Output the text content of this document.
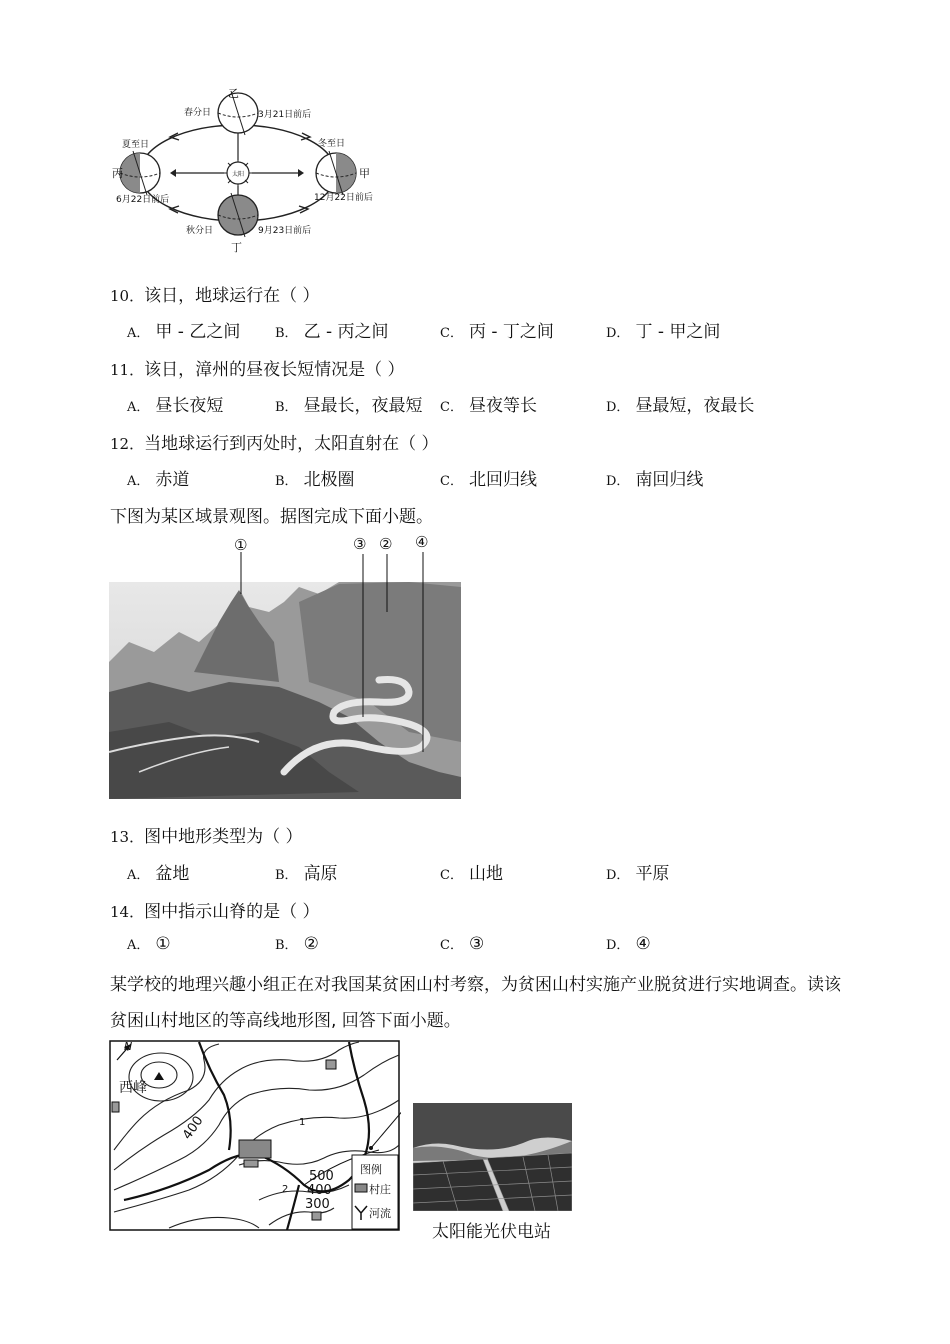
太阳
乙
春分日	3月21日前后
甲
冬至日
12月22日前后
丙
夏至日
6月22日前后
丁
秋分日	9月23日前后
10．该日，地球运行在（ ）
A． 甲 - 乙之间	B． 乙 - 丙之间	C． 丙 - 丁之间	D． 丁 - 甲之间
11．该日，漳州的昼夜长短情况是（ ）
A． 昼长夜短	B． 昼最长，夜最短 C． 昼夜等长	D． 昼最短，夜最长
12．当地球运行到丙处时，太阳直射在（ ）
A． 赤道	B． 北极圈	C． 北回归线	D． 南回归线
下图为某区域景观图。据图完成下面小题。
①	③ ② ④
13．图中地形类型为（ ）
A． 盆地	B． 高原	C． 山地	D． 平原
14．图中指示山脊的是（ ）
A． ①	B． ②	C． ③	D． ④
某学校的地理兴趣小组正在对我国某贫困山村考察，为贫困山村实施产业脱贫进行实地调查。读该
贫困山村地区的等高线地形图, 回答下面小题。
N
西峰
400
500
400
300
1
2
图例
村庄
河流
太阳能光伏电站
